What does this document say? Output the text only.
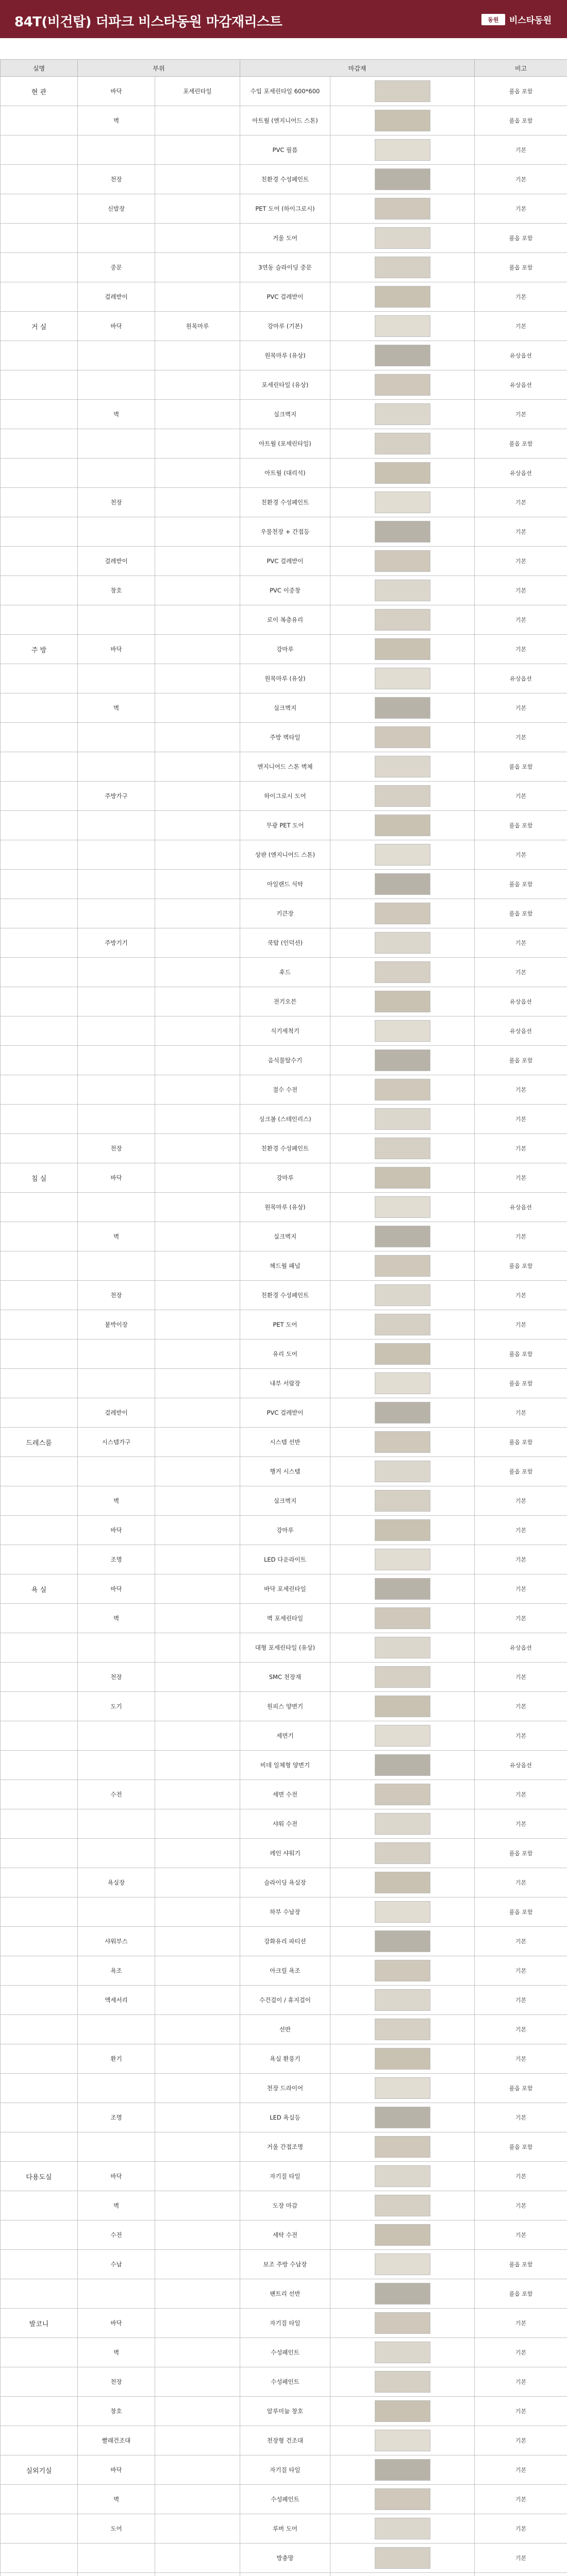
84T(비건탑) 더파크 비스타동원 마감재리스트	동원	비스타동원
실명	부위		마감재		비고
현 관	바닥	포세린타일	수입 포세린타일 600*600		풀옵 포함
	벽		아트월 (엔지니어드 스톤)		풀옵 포함
			PVC 필름		기본
	천장		친환경 수성페인트		기본
	신발장		PET 도어 (하이그로시)		기본
			거울 도어		풀옵 포함
	중문		3연동 슬라이딩 중문		풀옵 포함
	걸레받이		PVC 걸레받이		기본
거 실	바닥	원목마루	강마루 (기본)		기본
			원목마루 (유상)		유상옵션
			포세린타일 (유상)		유상옵션
	벽		실크벽지		기본
			아트월 (포세린타일)		풀옵 포함
			아트월 (대리석)		유상옵션
	천장		친환경 수성페인트		기본
			우물천장 + 간접등		기본
	걸레받이		PVC 걸레받이		기본
	창호		PVC 이중창		기본
			로이 복층유리		기본
주 방	바닥		강마루		기본
			원목마루 (유상)		유상옵션
	벽		실크벽지		기본
			주방 벽타일		기본
			엔지니어드 스톤 벽체		풀옵 포함
	주방가구		하이그로시 도어		기본
			무광 PET 도어		풀옵 포함
			상판 (엔지니어드 스톤)		기본
			아일랜드 식탁		풀옵 포함
			키큰장		풀옵 포함
	주방기기		쿡탑 (인덕션)		기본
			후드		기본
			전기오븐		유상옵션
			식기세척기		유상옵션
			음식물탈수기		풀옵 포함
			절수 수전		기본
			싱크볼 (스테인리스)		기본
	천장		친환경 수성페인트		기본
침 실	바닥		강마루		기본
			원목마루 (유상)		유상옵션
	벽		실크벽지		기본
			헤드월 패널		풀옵 포함
	천장		친환경 수성페인트		기본
	붙박이장		PET 도어		기본
			유리 도어		풀옵 포함
			내부 서랍장		풀옵 포함
	걸레받이		PVC 걸레받이		기본
드레스룸	시스템가구		시스템 선반		풀옵 포함
			행거 시스템		풀옵 포함
	벽		실크벽지		기본
	바닥		강마루		기본
	조명		LED 다운라이트		기본
욕 실	바닥		바닥 포세린타일		기본
	벽		벽 포세린타일		기본
			대형 포세린타일 (유상)		유상옵션
	천장		SMC 천장재		기본
	도기		원피스 양변기		기본
			세면기		기본
			비데 일체형 양변기		유상옵션
	수전		세면 수전		기본
			샤워 수전		기본
			레인 샤워기		풀옵 포함
	욕실장		슬라이딩 욕실장		기본
			하부 수납장		풀옵 포함
	샤워부스		강화유리 파티션		기본
	욕조		아크릴 욕조		기본
	액세서리		수건걸이 / 휴지걸이		기본
			선반		기본
	환기		욕실 환풍기		기본
			천장 드라이어		풀옵 포함
	조명		LED 욕실등		기본
			거울 간접조명		풀옵 포함
다용도실	바닥		자기질 타일		기본
	벽		도장 마감		기본
	수전		세탁 수전		기본
	수납		보조 주방 수납장		풀옵 포함
			팬트리 선반		풀옵 포함
발코니	바닥		자기질 타일		기본
	벽		수성페인트		기본
	천장		수성페인트		기본
	창호		알루미늄 창호		기본
	빨래건조대		천장형 건조대		기본
실외기실	바닥		자기질 타일		기본
	벽		수성페인트		기본
	도어		루버 도어		기본
			방충망		기본
